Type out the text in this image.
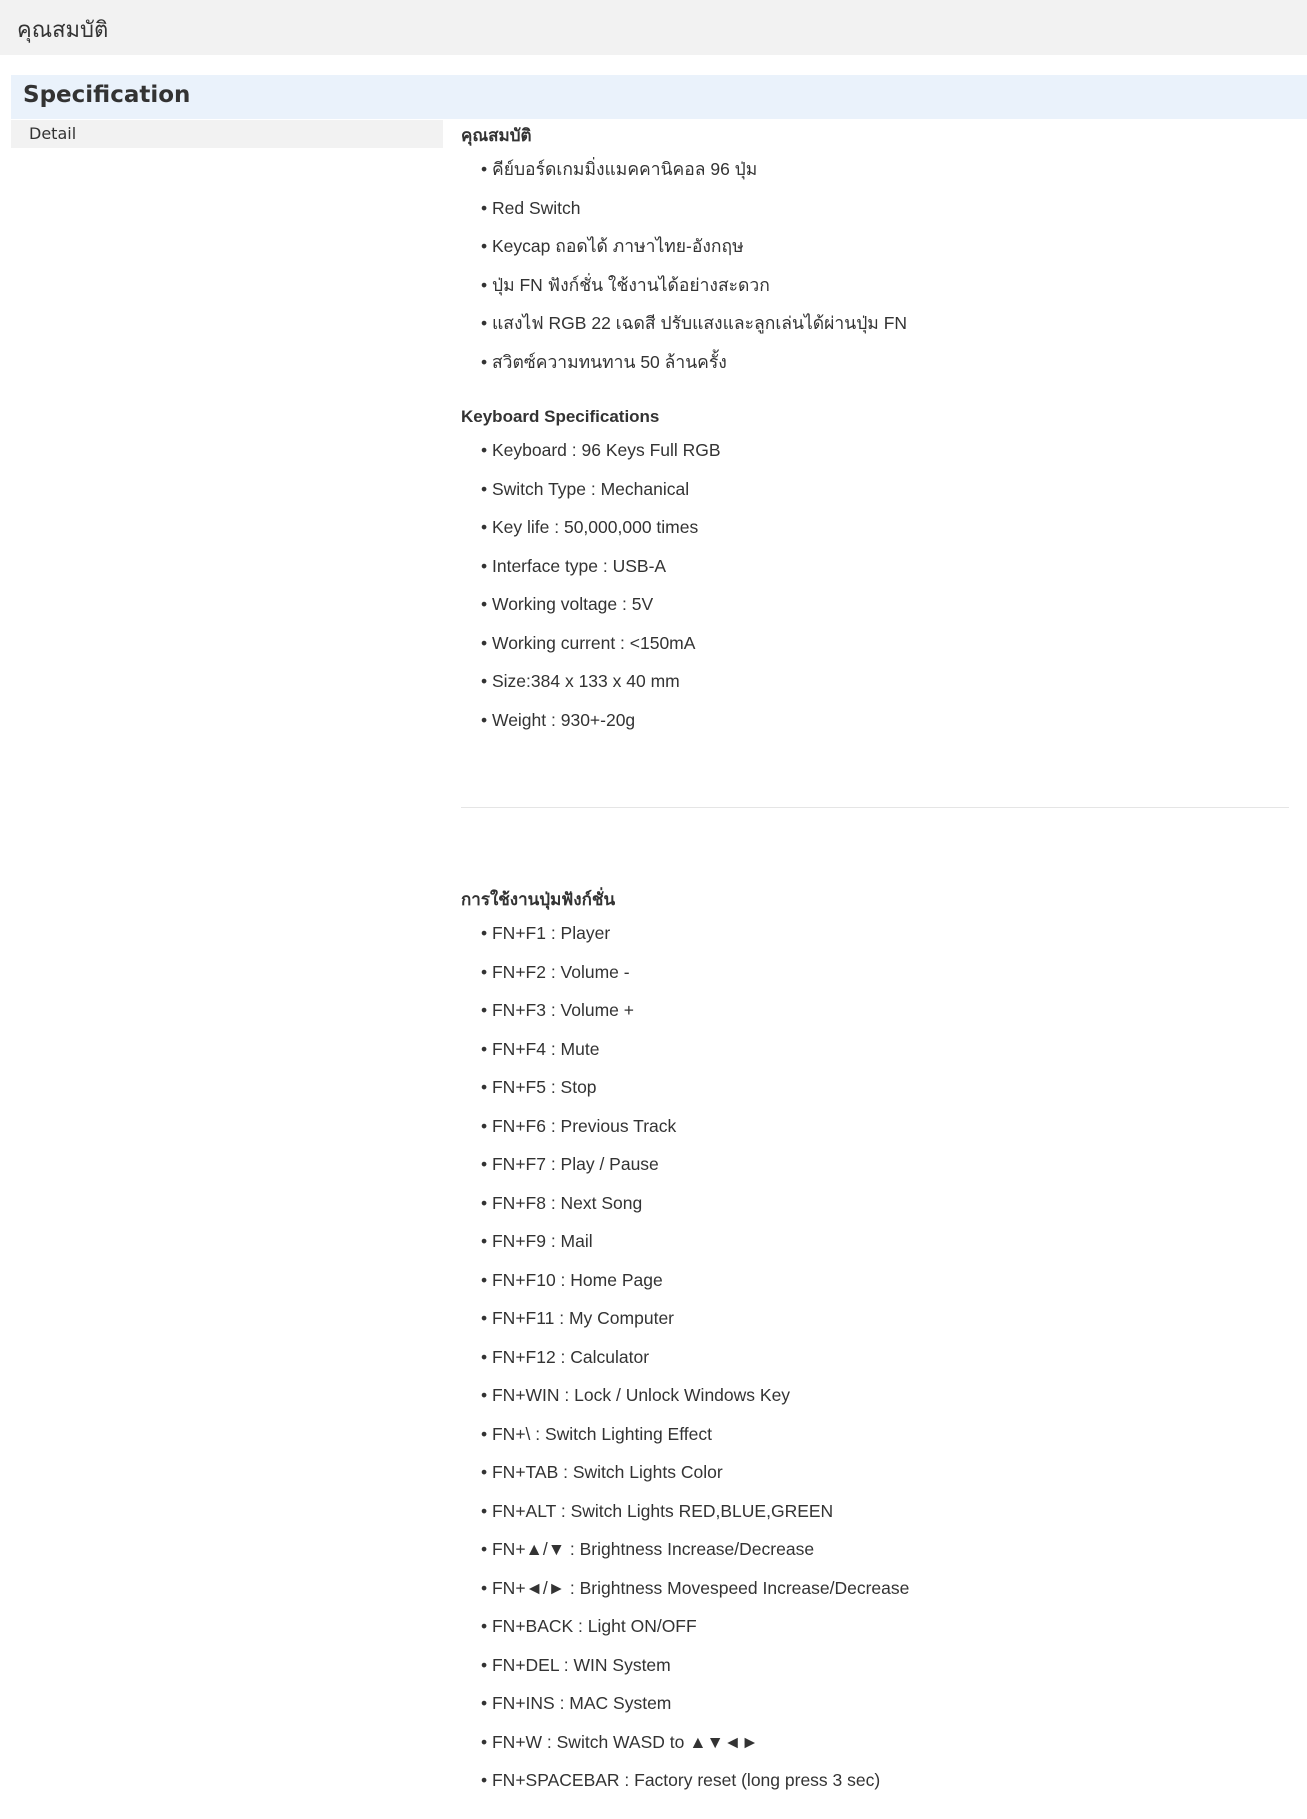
คุณสมบัติ
Specification
Detail	คุณสมบัติ
• คีย์บอร์ดเกมมิ่งแมคคานิคอล 96 ปุ่ม
• Red Switch
• Keycap ถอดได้ ภาษาไทย-อังกฤษ
• ปุ่ม FN ฟังก์ชั่น ใช้งานได้อย่างสะดวก
• แสงไฟ RGB 22 เฉดสี ปรับแสงและลูกเล่นได้ผ่านปุ่ม FN
• สวิตซ์ความทนทาน 50 ล้านครั้ง
Keyboard Specifications
• Keyboard : 96 Keys Full RGB
• Switch Type : Mechanical
• Key life : 50,000,000 times
• Interface type : USB-A
• Working voltage : 5V
• Working current : <150mA
• Size:384 x 133 x 40 mm
• Weight : 930+-20g
การใช้งานปุ่มฟังก์ชั่น
• FN+F1 : Player
• FN+F2 : Volume -
• FN+F3 : Volume +
• FN+F4 : Mute
• FN+F5 : Stop
• FN+F6 : Previous Track
• FN+F7 : Play / Pause
• FN+F8 : Next Song
• FN+F9 : Mail
• FN+F10 : Home Page
• FN+F11 : My Computer
• FN+F12 : Calculator
• FN+WIN : Lock / Unlock Windows Key
• FN+\ : Switch Lighting Effect
• FN+TAB : Switch Lights Color
• FN+ALT : Switch Lights RED,BLUE,GREEN
• FN+▲/▼ : Brightness Increase/Decrease
• FN+◄/► : Brightness Movespeed Increase/Decrease
• FN+BACK : Light ON/OFF
• FN+DEL : WIN System
• FN+INS : MAC System
• FN+W : Switch WASD to ▲▼◄►
• FN+SPACEBAR : Factory reset (long press 3 sec)
